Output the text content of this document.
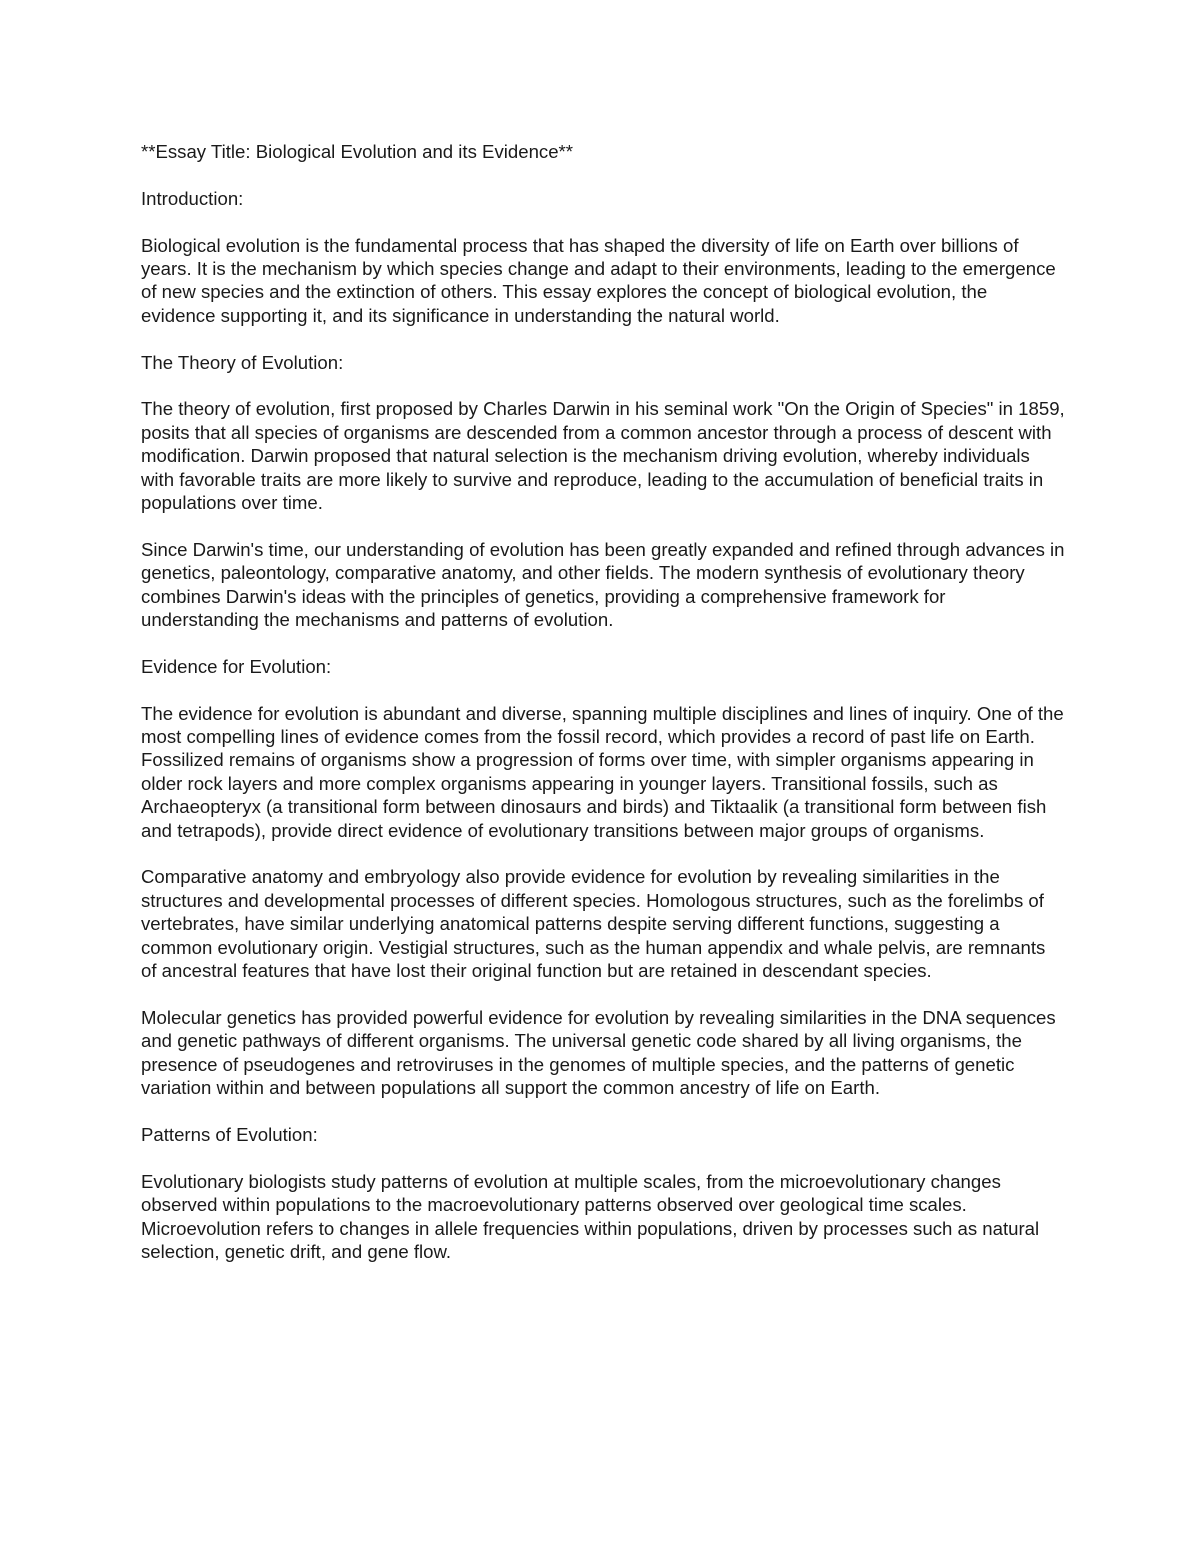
**Essay Title: Biological Evolution and its Evidence**

Introduction:

Biological evolution is the fundamental process that has shaped the diversity of life on Earth over billions of years. It is the mechanism by which species change and adapt to their environments, leading to the emergence of new species and the extinction of others. This essay explores the concept of biological evolution, the evidence supporting it, and its significance in understanding the natural world.

The Theory of Evolution:

The theory of evolution, first proposed by Charles Darwin in his seminal work "On the Origin of Species" in 1859, posits that all species of organisms are descended from a common ancestor through a process of descent with modification. Darwin proposed that natural selection is the mechanism driving evolution, whereby individuals with favorable traits are more likely to survive and reproduce, leading to the accumulation of beneficial traits in populations over time.

Since Darwin's time, our understanding of evolution has been greatly expanded and refined through advances in genetics, paleontology, comparative anatomy, and other fields. The modern synthesis of evolutionary theory combines Darwin's ideas with the principles of genetics, providing a comprehensive framework for understanding the mechanisms and patterns of evolution.

Evidence for Evolution:

The evidence for evolution is abundant and diverse, spanning multiple disciplines and lines of inquiry. One of the most compelling lines of evidence comes from the fossil record, which provides a record of past life on Earth. Fossilized remains of organisms show a progression of forms over time, with simpler organisms appearing in older rock layers and more complex organisms appearing in younger layers. Transitional fossils, such as Archaeopteryx (a transitional form between dinosaurs and birds) and Tiktaalik (a transitional form between fish and tetrapods), provide direct evidence of evolutionary transitions between major groups of organisms.

Comparative anatomy and embryology also provide evidence for evolution by revealing similarities in the structures and developmental processes of different species. Homologous structures, such as the forelimbs of vertebrates, have similar underlying anatomical patterns despite serving different functions, suggesting a common evolutionary origin. Vestigial structures, such as the human appendix and whale pelvis, are remnants of ancestral features that have lost their original function but are retained in descendant species.

Molecular genetics has provided powerful evidence for evolution by revealing similarities in the DNA sequences and genetic pathways of different organisms. The universal genetic code shared by all living organisms, the presence of pseudogenes and retroviruses in the genomes of multiple species, and the patterns of genetic variation within and between populations all support the common ancestry of life on Earth.

Patterns of Evolution:

Evolutionary biologists study patterns of evolution at multiple scales, from the microevolutionary changes observed within populations to the macroevolutionary patterns observed over geological time scales. Microevolution refers to changes in allele frequencies within populations, driven by processes such as natural selection, genetic drift, and gene flow.
